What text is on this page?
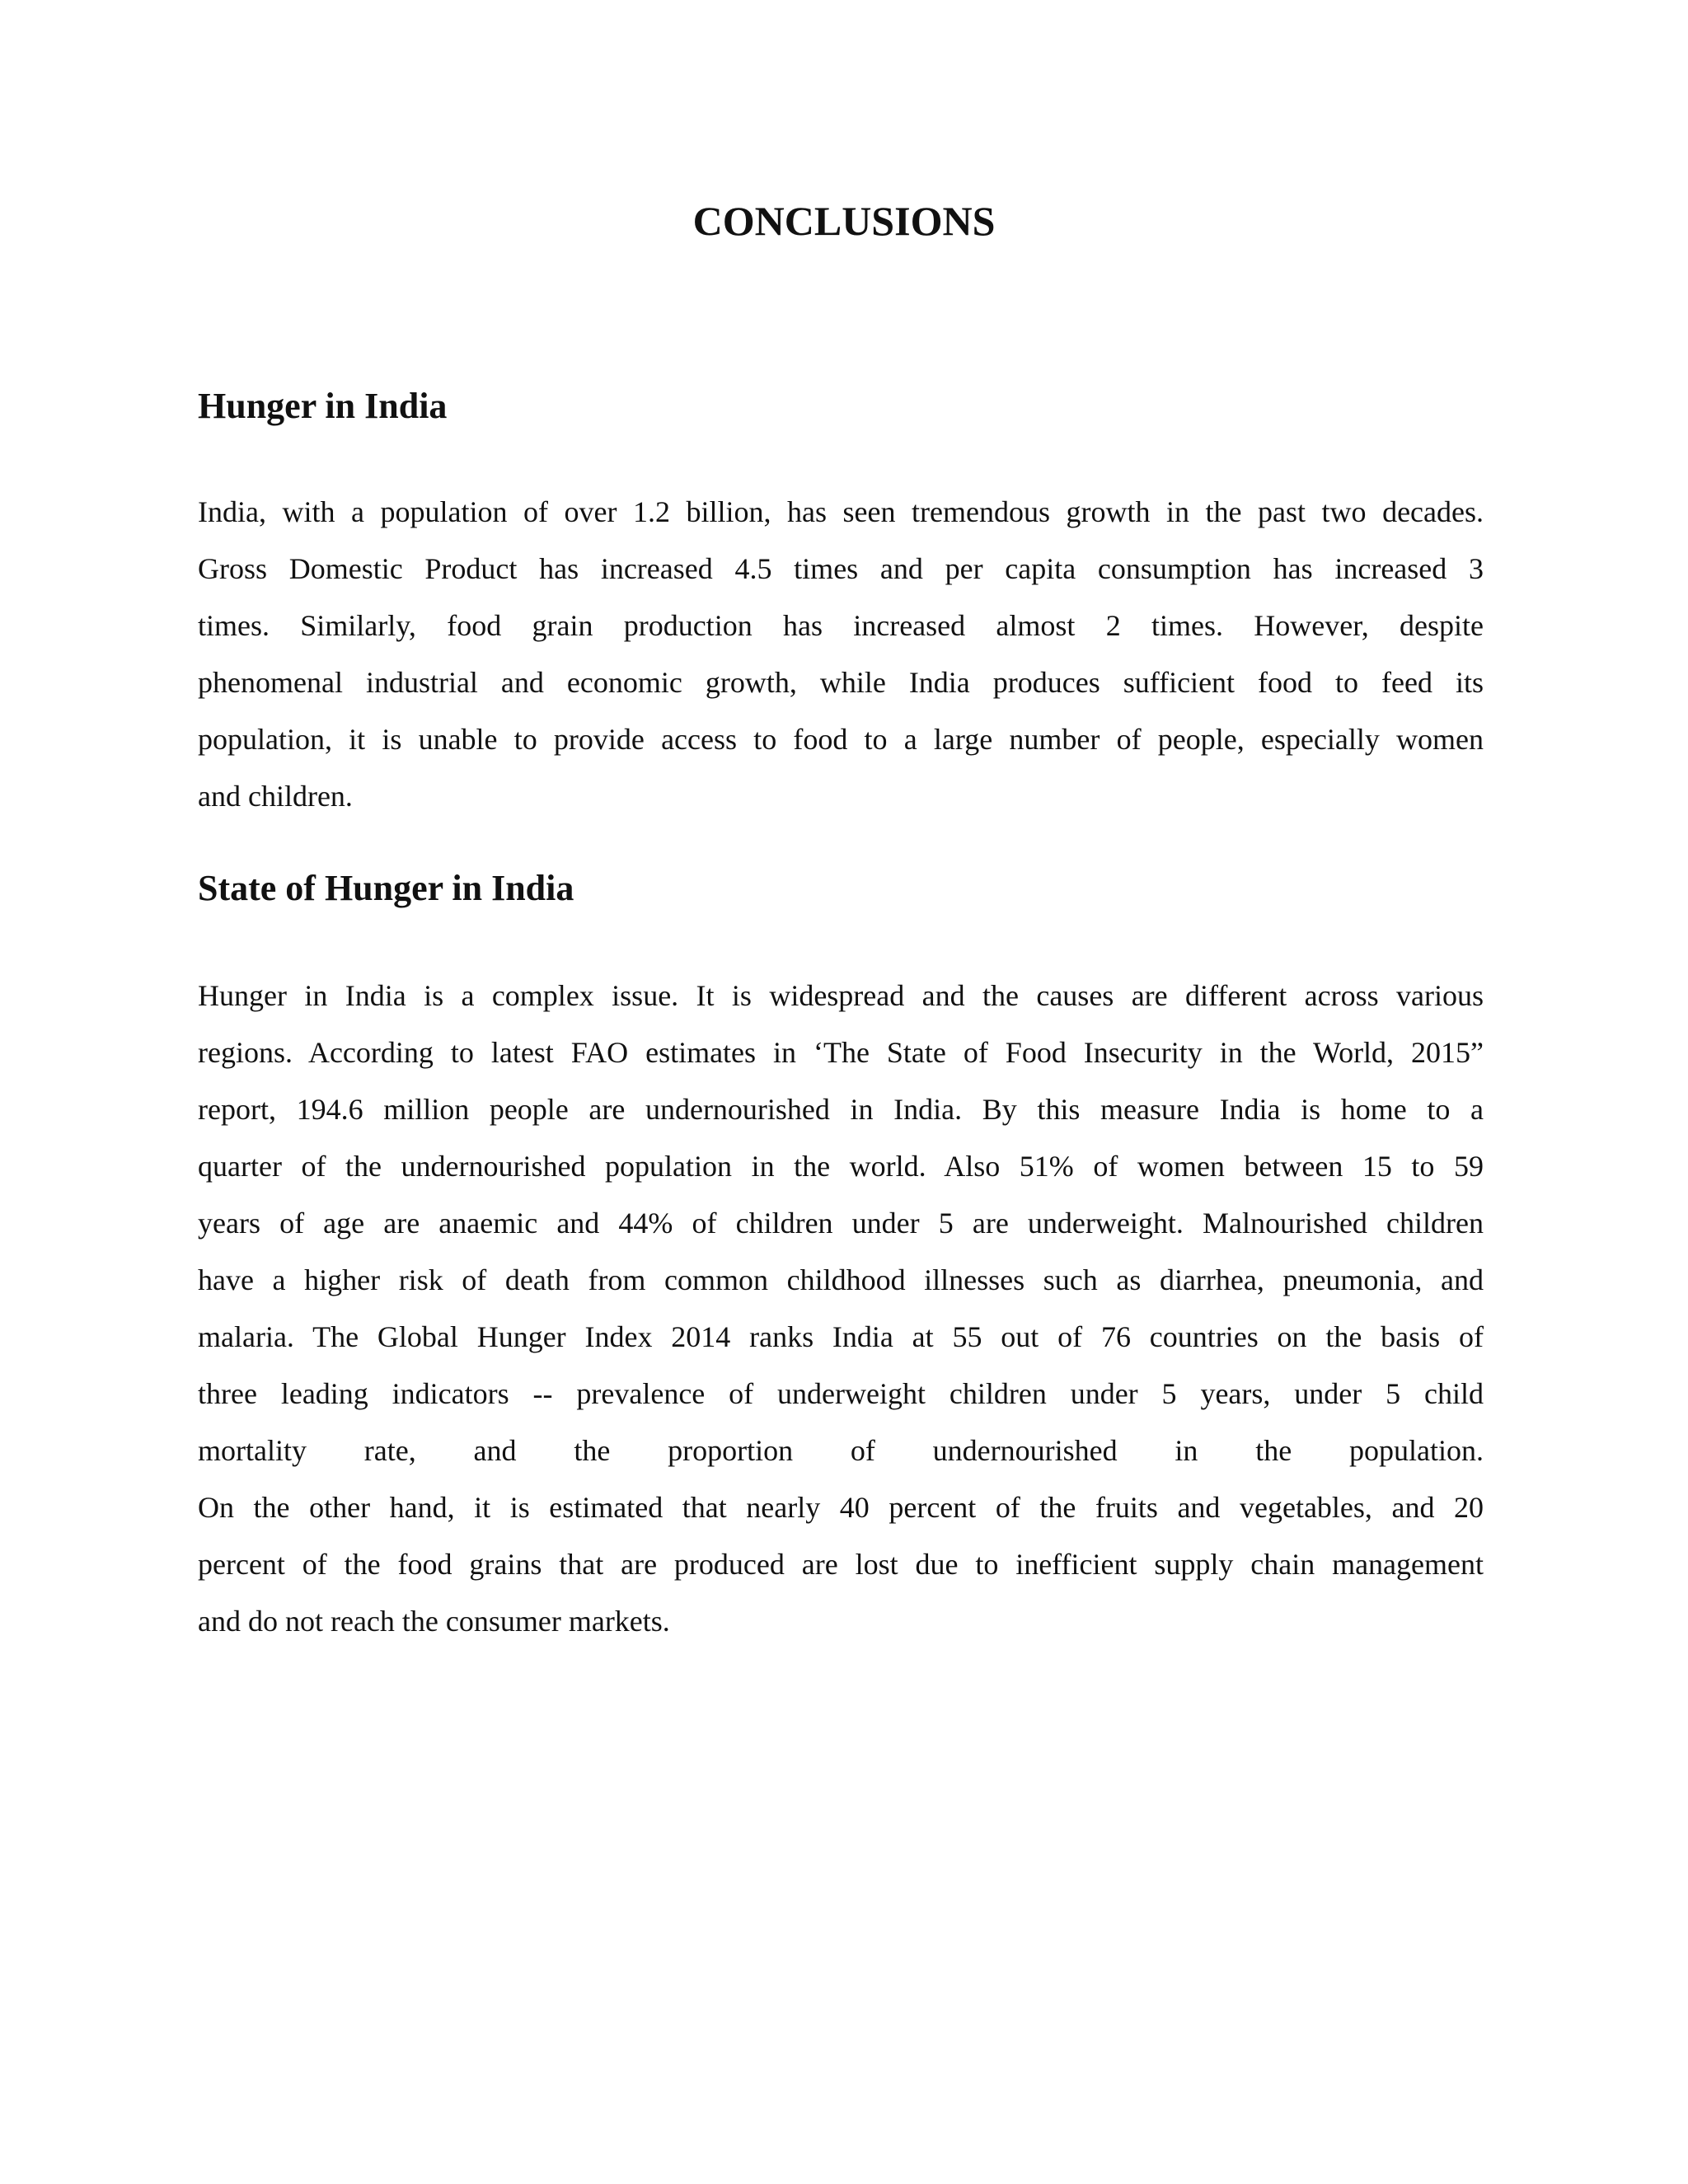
CONCLUSIONS
Hunger in India
India, with a population of over 1.2 billion, has seen tremendous growth in the past two decades.
Gross Domestic Product has increased 4.5 times and per capita consumption has increased 3
times. Similarly, food grain production has increased almost 2 times. However, despite
phenomenal industrial and economic growth, while India produces sufficient food to feed its
population, it is unable to provide access to food to a large number of people, especially women
and children.
State of Hunger in India
Hunger in India is a complex issue. It is widespread and the causes are different across various
regions. According to latest FAO estimates in ‘The State of Food Insecurity in the World, 2015”
report, 194.6 million people are undernourished in India. By this measure India is home to a
quarter of the undernourished population in the world. Also 51% of women between 15 to 59
years of age are anaemic and 44% of children under 5 are underweight. Malnourished children
have a higher risk of death from common childhood illnesses such as diarrhea, pneumonia, and
malaria. The Global Hunger Index 2014 ranks India at 55 out of 76 countries on the basis of
three leading indicators -- prevalence of underweight children under 5 years, under 5 child
mortality rate, and the proportion of undernourished in the population.
On the other hand, it is estimated that nearly 40 percent of the fruits and vegetables, and 20
percent of the food grains that are produced are lost due to inefficient supply chain management
and do not reach the consumer markets.
